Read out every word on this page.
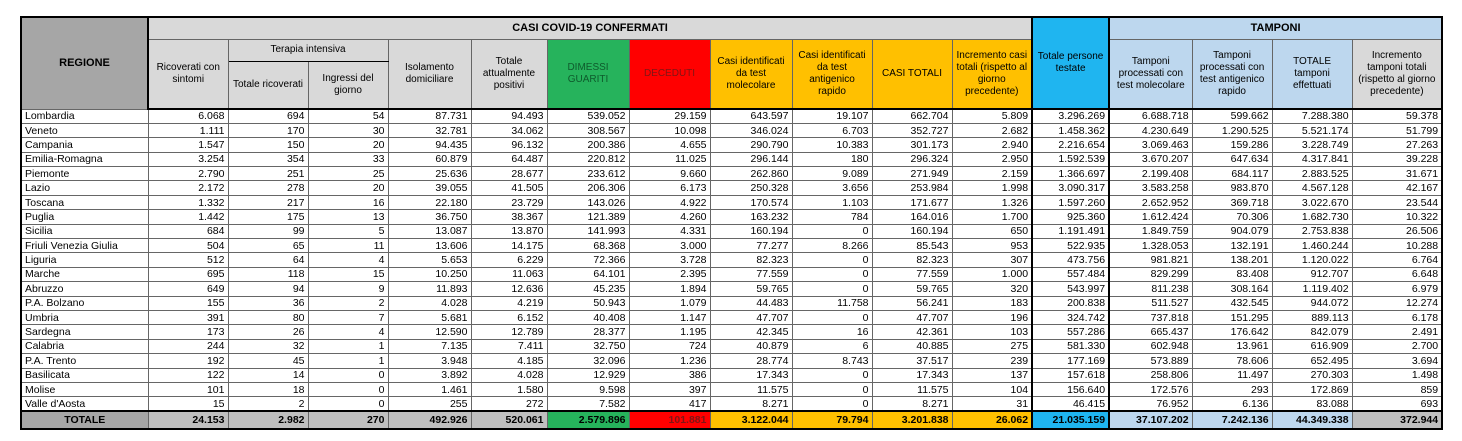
REGIONE	CASI COVID-19 CONFERMATI											Totale persone testate	TAMPONI			
	Ricoverati con sintomi	Terapia intensiva		Isolamento domiciliare	Totale attualmente positivi	DIMESSI GUARITI	DECEDUTI	Casi identificati da test molecolare	Casi identificati da test antigenico rapido	CASI TOTALI	Incremento casi totali (rispetto al giorno precedente)		Tamponi processati con test molecolare	Tamponi processati con test antigenico rapido	TOTALE tamponi effettuati	Incremento tamponi totali (rispetto al giorno precedente)
		Totale ricoverati	Ingressi del giorno													
Lombardia	6.068	694	54	87.731	94.493	539.052	29.159	643.597	19.107	662.704	5.809	3.296.269	6.688.718	599.662	7.288.380	59.378
Veneto	1.111	170	30	32.781	34.062	308.567	10.098	346.024	6.703	352.727	2.682	1.458.362	4.230.649	1.290.525	5.521.174	51.799
Campania	1.547	150	20	94.435	96.132	200.386	4.655	290.790	10.383	301.173	2.940	2.216.654	3.069.463	159.286	3.228.749	27.263
Emilia-Romagna	3.254	354	33	60.879	64.487	220.812	11.025	296.144	180	296.324	2.950	1.592.539	3.670.207	647.634	4.317.841	39.228
Piemonte	2.790	251	25	25.636	28.677	233.612	9.660	262.860	9.089	271.949	2.159	1.366.697	2.199.408	684.117	2.883.525	31.671
Lazio	2.172	278	20	39.055	41.505	206.306	6.173	250.328	3.656	253.984	1.998	3.090.317	3.583.258	983.870	4.567.128	42.167
Toscana	1.332	217	16	22.180	23.729	143.026	4.922	170.574	1.103	171.677	1.326	1.597.260	2.652.952	369.718	3.022.670	23.544
Puglia	1.442	175	13	36.750	38.367	121.389	4.260	163.232	784	164.016	1.700	925.360	1.612.424	70.306	1.682.730	10.322
Sicilia	684	99	5	13.087	13.870	141.993	4.331	160.194	0	160.194	650	1.191.491	1.849.759	904.079	2.753.838	26.506
Friuli Venezia Giulia	504	65	11	13.606	14.175	68.368	3.000	77.277	8.266	85.543	953	522.935	1.328.053	132.191	1.460.244	10.288
Liguria	512	64	4	5.653	6.229	72.366	3.728	82.323	0	82.323	307	473.756	981.821	138.201	1.120.022	6.764
Marche	695	118	15	10.250	11.063	64.101	2.395	77.559	0	77.559	1.000	557.484	829.299	83.408	912.707	6.648
Abruzzo	649	94	9	11.893	12.636	45.235	1.894	59.765	0	59.765	320	543.997	811.238	308.164	1.119.402	6.979
P.A. Bolzano	155	36	2	4.028	4.219	50.943	1.079	44.483	11.758	56.241	183	200.838	511.527	432.545	944.072	12.274
Umbria	391	80	7	5.681	6.152	40.408	1.147	47.707	0	47.707	196	324.742	737.818	151.295	889.113	6.178
Sardegna	173	26	4	12.590	12.789	28.377	1.195	42.345	16	42.361	103	557.286	665.437	176.642	842.079	2.491
Calabria	244	32	1	7.135	7.411	32.750	724	40.879	6	40.885	275	581.330	602.948	13.961	616.909	2.700
P.A. Trento	192	45	1	3.948	4.185	32.096	1.236	28.774	8.743	37.517	239	177.169	573.889	78.606	652.495	3.694
Basilicata	122	14	0	3.892	4.028	12.929	386	17.343	0	17.343	137	157.618	258.806	11.497	270.303	1.498
Molise	101	18	0	1.461	1.580	9.598	397	11.575	0	11.575	104	156.640	172.576	293	172.869	859
Valle d'Aosta	15	2	0	255	272	7.582	417	8.271	0	8.271	31	46.415	76.952	6.136	83.088	693
TOTALE	24.153	2.982	270	492.926	520.061	2.579.896	101.881	3.122.044	79.794	3.201.838	26.062	21.035.159	37.107.202	7.242.136	44.349.338	372.944
